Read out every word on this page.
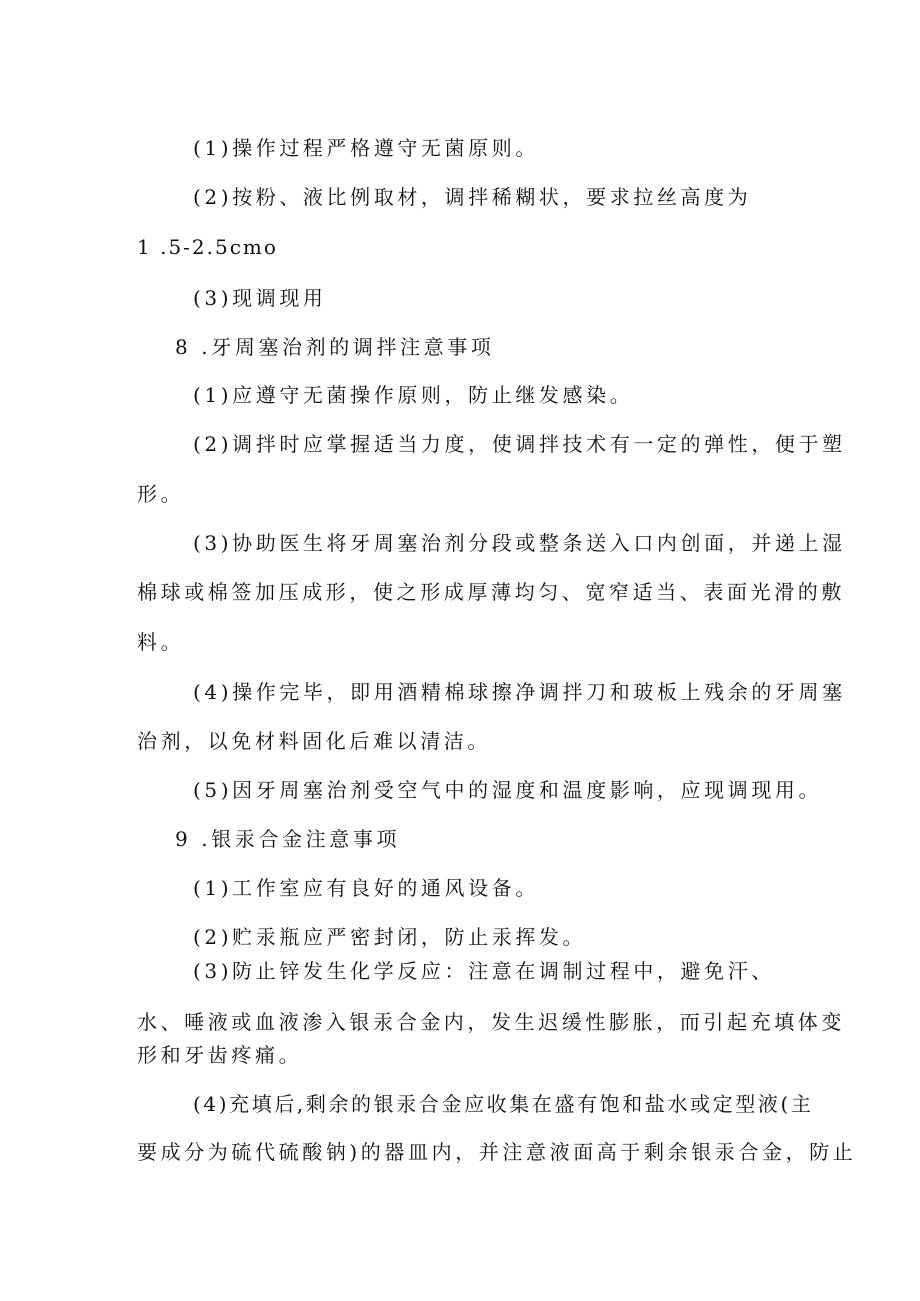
(1)操作过程严格遵守无菌原则。
(2)按粉、液比例取材，调拌稀糊状，要求拉丝高度为
1 .5-2.5cmo
(3)现调现用
8 .牙周塞治剂的调拌注意事项
(1)应遵守无菌操作原则，防止继发感染。
(2)调拌时应掌握适当力度，使调拌技术有一定的弹性，便于塑
形。
(3)协助医生将牙周塞治剂分段或整条送入口内创面，并递上湿
棉球或棉签加压成形，使之形成厚薄均匀、宽窄适当、表面光滑的敷
料。
(4)操作完毕，即用酒精棉球擦净调拌刀和玻板上残余的牙周塞
治剂，以免材料固化后难以清洁。
(5)因牙周塞治剂受空气中的湿度和温度影响，应现调现用。
9 .银汞合金注意事项
(1)工作室应有良好的通风设备。
(2)贮汞瓶应严密封闭，防止汞挥发。
(3)防止锌发生化学反应：注意在调制过程中，避免汗、
水、唾液或血液渗入银汞合金内，发生迟缓性膨胀，而引起充填体变
形和牙齿疼痛。
(4)充填后,剩余的银汞合金应收集在盛有饱和盐水或定型液(主
要成分为硫代硫酸钠)的器皿内，并注意液面高于剩余银汞合金，防止
